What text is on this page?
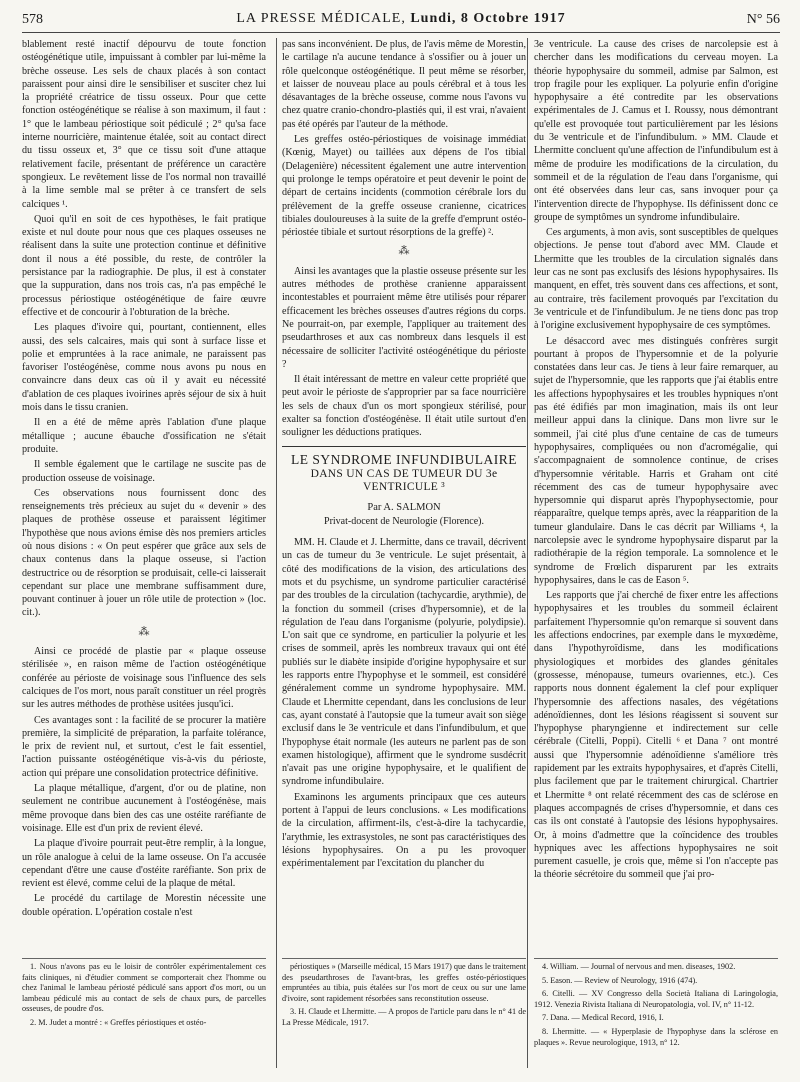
578	LA PRESSE MÉDICALE, Lundi, 8 Octobre 1917	N° 56

blablement resté inactif dépourvu de toute fonction ostéogénétique utile, impuissant à combler par lui-même la brèche osseuse. Les sels de chaux placés à son contact paraissent pour ainsi dire le sensibiliser et susciter chez lui la propriété créatrice de tissu osseux. Pour que cette fonction ostéogénétique se réalise à son maximum, il faut : 1° que le lambeau périostique soit pédiculé ; 2° qu'sa face interne nourricière, maintenue étalée, soit au contact direct du tissu osseux et, 3° que ce tissu soit d'une attaque relativement facile, présentant de préférence un caractère spongieux. Le revêtement lisse de l'os normal non travaillé à la lime semble mal se prêter à ce transfert de sels calciques ¹.

Quoi qu'il en soit de ces hypothèses, le fait pratique existe et nul doute pour nous que ces plaques osseuses ne réalisent dans la suite une protection continue et définitive dont il nous a été possible, du reste, de contrôler la persistance par la radiographie. De plus, il est à constater que la suppuration, dans nos trois cas, n'a pas empêché le processus périostique ostéogénétique de faire œuvre effective et de concourir à l'obturation de la brèche.

Les plaques d'ivoire qui, pourtant, contiennent, elles aussi, des sels calcaires, mais qui sont à surface lisse et polie et empruntées à la race animale, ne paraissent pas favoriser l'ostéogénèse, comme nous avons pu nous en convaincre dans deux cas où il y avait eu nécessité d'ablation de ces plaques ivoirines après séjour de six à huit mois dans le tissu cranien.

Il en a été de même après l'ablation d'une plaque métallique ; aucune ébauche d'ossification ne s'était produite.

Il semble également que le cartilage ne suscite pas de production osseuse de voisinage.

Ces observations nous fournissent donc des renseignements très précieux au sujet du « devenir » des plaques de prothèse osseuse et paraissent légitimer l'hypothèse que nous avions émise dès nos premiers articles où nous disions : « On peut espérer que grâce aux sels de chaux contenus dans la plaque osseuse, si l'action destructrice ou de résorption se produisait, celle-ci laisserait cependant sur place une membrane suffisamment dure, pouvant continuer à jouer un rôle utile de protection » (loc. cit.).

⁂

Ainsi ce procédé de plastie par « plaque osseuse stérilisée », en raison même de l'action ostéogénétique conférée au périoste de voisinage sous l'influence des sels calciques de l'os mort, nous paraît constituer un réel progrès sur les autres méthodes de prothèse usitées jusqu'ici.

Ces avantages sont : la facilité de se procurer la matière première, la simplicité de préparation, la parfaite tolérance, le prix de revient nul, et surtout, c'est le fait essentiel, l'action puissante ostéogénétique vis-à-vis du périoste, action qui prépare une consolidation protectrice définitive.

La plaque métallique, d'argent, d'or ou de platine, non seulement ne contribue aucunement à l'ostéogénèse, mais même provoque dans bien des cas une ostéite raréfiante de voisinage. Elle est d'un prix de revient élevé.

La plaque d'ivoire pourrait peut-être remplir, à la longue, un rôle analogue à celui de la lame osseuse. On l'a accusée cependant d'être une cause d'ostéite raréfiante. Son prix de revient est élevé, comme celui de la plaque de métal.

Le procédé du cartilage de Morestin nécessite une double opération. L'opération costale n'est

pas sans inconvénient. De plus, de l'avis même de Morestin, le cartilage n'a aucune tendance à s'ossifier ou à jouer un rôle quelconque ostéogénétique. Il peut même se résorber, et laisser de nouveau place au pouls cérébral et à tous les désavantages de la brèche osseuse, comme nous l'avons vu chez quatre cranio-chondro-plastiés qui, il est vrai, n'avaient pas été opérés par l'auteur de la méthode.

Les greffes ostéo-périostiques de voisinage immédiat (Kœnig, Mayet) ou taillées aux dépens de l'os tibial (Delagenière) nécessitent également une autre intervention qui prolonge le temps opératoire et peut devenir le point de départ de certains incidents (commotion cérébrale lors du prélèvement de la greffe osseuse cranienne, cicatrices tibiales douloureuses à la suite de la greffe d'emprunt ostéo-périostée tibiale et surtout résorptions de la greffe) ².

⁂

Ainsi les avantages que la plastie osseuse présente sur les autres méthodes de prothèse cranienne apparaissent incontestables et pourraient même être utilisés pour réparer efficacement les brèches osseuses d'autres régions du corps. Ne pourrait-on, par exemple, l'appliquer au traitement des pseudarthroses et aux cas nombreux dans lesquels il est nécessaire de solliciter l'activité ostéogénétique du périoste ?

Il était intéressant de mettre en valeur cette propriété que peut avoir le périoste de s'approprier par sa face nourricière les sels de chaux d'un os mort spongieux stérilisé, pour exalter sa fonction d'ostéogénèse. Il était utile surtout d'en souligner les déductions pratiques.

LE SYNDROME INFUNDIBULAIRE
DANS UN CAS DE TUMEUR DU 3e VENTRICULE ³
Par A. SALMON
Privat-docent de Neurologie (Florence).

MM. H. Claude et J. Lhermitte, dans ce travail, décrivent un cas de tumeur du 3e ventricule. Le sujet présentait, à côté des modifications de la vision, des articulations des mots et du psychisme, un syndrome particulier caractérisé par des troubles de la circulation (tachycardie, arythmie), de la fonction du sommeil (crises d'hypersomnie), et de la régulation de l'eau dans l'organisme (polyurie, polydipsie). L'on sait que ce syndrome, en particulier la polyurie et les crises de sommeil, après les nombreux travaux qui ont été publiés sur le diabète insipide d'origine hypophysaire et sur les rapports entre l'hypophyse et le sommeil, est considéré généralement comme un syndrome hypophysaire. MM. Claude et Lhermitte cependant, dans les conclusions de leur cas, ayant constaté à l'autopsie que la tumeur avait son siège exclusif dans le 3e ventricule et dans l'infundibulum, et que l'hypophyse était normale (les auteurs ne parlent pas de son examen histologique), affirment que le syndrome susdécrit n'avait pas une origine hypophysaire, et le qualifient de syndrome infundibulaire.

Examinons les arguments principaux que ces auteurs portent à l'appui de leurs conclusions. « Les modifications de la circulation, affirment-ils, c'est-à-dire la tachycardie, l'arythmie, les extrasystoles, ne sont pas caractéristiques des lésions hypophysaires. On a pu les provoquer expérimentalement par l'excitation du plancher du

3e ventricule. La cause des crises de narcolepsie est à chercher dans les modifications du cerveau moyen. La théorie hypophysaire du sommeil, admise par Salmon, est trop fragile pour les expliquer. La polyurie enfin d'origine hypophysaire a été contredite par les observations expérimentales de J. Camus et I. Roussy, nous démontrant qu'elle est provoquée tout particulièrement par les lésions du 3e ventricule et de l'infundibulum. » MM. Claude et Lhermitte concluent qu'une affection de l'infundibulum est à même de produire les modifications de la circulation, du sommeil et de la régulation de l'eau dans l'organisme, qui ont été observées dans leur cas, sans invoquer pour ça l'intervention directe de l'hypophyse. Ils définissent donc ce groupe de symptômes un syndrome infundibulaire.

Ces arguments, à mon avis, sont susceptibles de quelques objections. Je pense tout d'abord avec MM. Claude et Lhermitte que les troubles de la circulation signalés dans leur cas ne sont pas exclusifs des lésions hypophysaires. Ils manquent, en effet, très souvent dans ces affections, et sont, au contraire, très facilement provoqués par l'excitation du 3e ventricule et de l'infundibulum. Je ne tiens donc pas trop à l'origine exclusivement hypophysaire de ces symptômes.

Le désaccord avec mes distingués confrères surgit pourtant à propos de l'hypersomnie et de la polyurie constatées dans leur cas. Je tiens à leur faire remarquer, au sujet de l'hypersomnie, que les rapports que j'ai établis entre les affections hypophysaires et les troubles hypniques n'ont pas été édifiés par mon imagination, mais ils ont leur meilleur appui dans la clinique. Dans mon livre sur le sommeil, j'ai cité plus d'une centaine de cas de tumeurs hypophysaires, compliquées ou non d'acromégalie, qui s'accompagnaient de somnolence continue, de crises d'hypersomnie véritable. Harris et Graham ont cité récemment des cas de tumeur hypophysaire avec hypersomnie qui disparut après l'hypophysectomie, pour réapparaître, quelque temps après, avec la réapparition de la tumeur glandulaire. Dans le cas décrit par Williams ⁴, la narcolepsie avec le syndrome hypophysaire disparut par la radiothérapie de la région temporale. La somnolence et le syndrome de Frœlich disparurent par les extraits hypophysaires, dans le cas de Eason ⁵.

Les rapports que j'ai cherché de fixer entre les affections hypophysaires et les troubles du sommeil éclairent parfaitement l'hypersomnie qu'on remarque si souvent dans les affections endocrines, par exemple dans le myxœdème, dans l'hypothyroïdisme, dans les modifications physiologiques et morbides des glandes génitales (grossesse, ménopause, tumeurs ovariennes, etc.). Ces rapports nous donnent également la clef pour expliquer l'hypersomnie des affections nasales, des végétations adénoïdiennes, dont les lésions réagissent si souvent sur l'hypophyse pharyngienne et indirectement sur celle cérébrale (Citelli, Poppi). Citelli ⁶ et Dana ⁷ ont montré aussi que l'hypersomnie adénoïdienne s'améliore très rapidement par les extraits hypophysaires, et d'après Citelli, plus facilement que par le traitement chirurgical. Chartrier et Lhermitte ⁸ ont relaté récemment des cas de sclérose en plaques accompagnés de crises d'hypersomnie, et dans ces cas ils ont constaté à l'autopsie des lésions hypophysaires. Or, à moins d'admettre que la coïncidence des troubles hypniques avec les affections hypophysaires ne soit purement casuelle, je crois que, même si l'on n'accepte pas la théorie sécrétoire du sommeil que j'ai pro-

1. Nous n'avons pas eu le loisir de contrôler expérimentalement ces faits cliniques, ni d'étudier comment se comporterait chez l'homme ou chez l'animal le lambeau périosté pédiculé sans apport d'os mort, ou un lambeau pédiculé mis au contact de sels de chaux purs, de parcelles osseuses, de poudre d'os.

2. M. Judet a montré : « Greffes périostiques et ostéo-

périostiques » (Marseille médical, 15 Mars 1917) que dans le traitement des pseudarthroses de l'avant-bras, les greffes ostéo-périostiques empruntées au tibia, puis étalées sur l'os mort de ceux ou sur une lame d'ivoire, sont rapidement résorbées sans reconstitution osseuse.

3. H. Claude et Lhermitte. — A propos de l'article paru dans le n° 41 de La Presse Médicale, 1917.

4. William. — Journal of nervous and men. diseases, 1902.

5. Eason. — Review of Neurology, 1916 (474).

6. Citelli. — XV Congresso della Società Italiana di Laringologia, 1912. Venezia Rivista Italiana di Neuropatologia, vol. IV, n° 11-12.

7. Dana. — Medical Record, 1916, I.

8. Lhermitte. — « Hyperplasie de l'hypophyse dans la sclérose en plaques ». Revue neurologique, 1913, n° 12.
